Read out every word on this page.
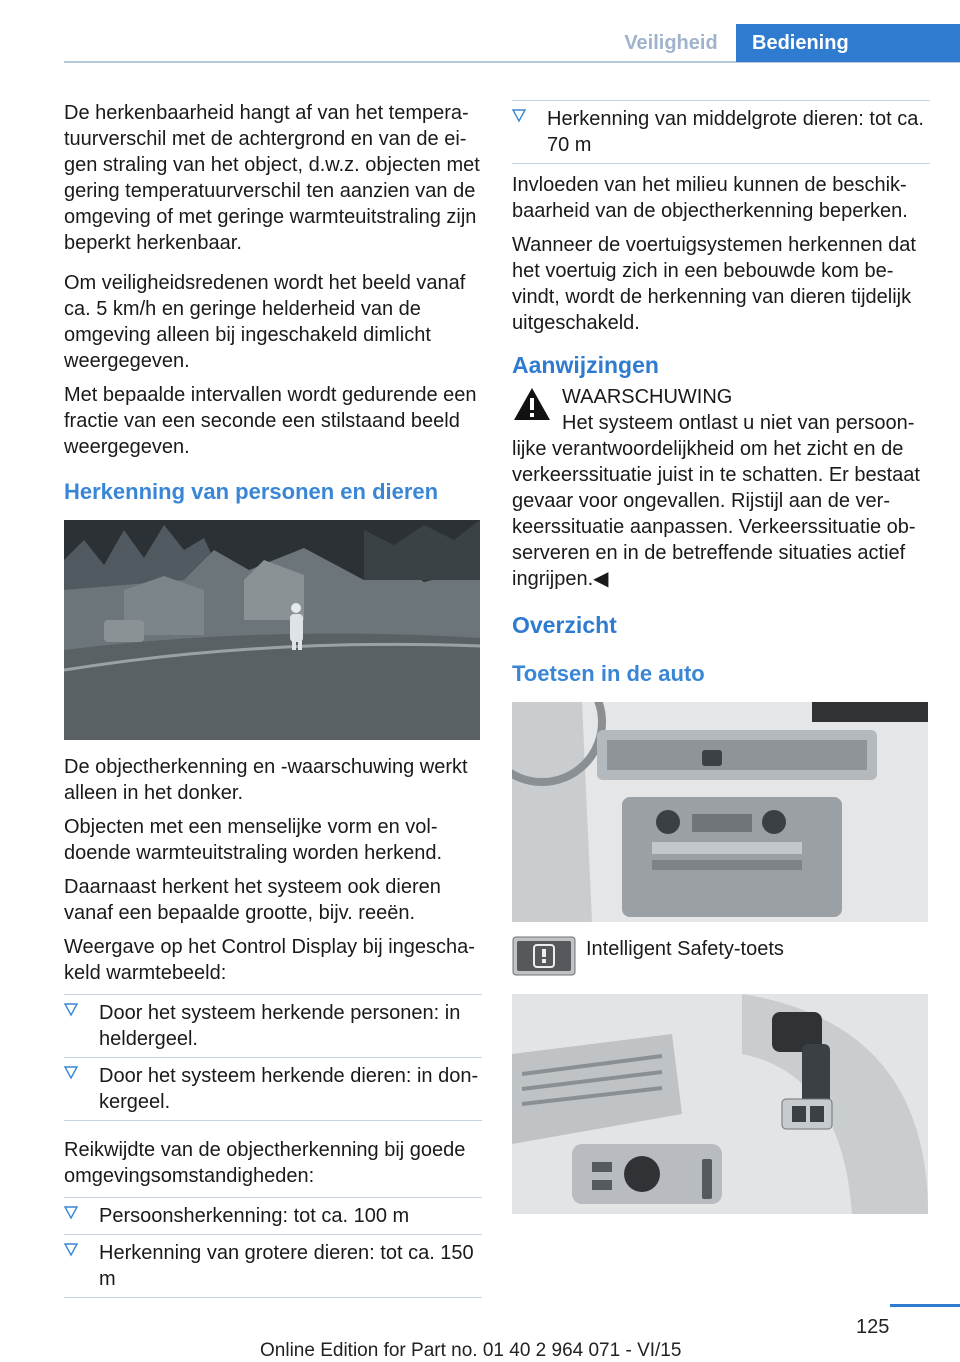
Veiligheid	Bediening

De herkenbaarheid hangt af van het temperatuurverschil met de achtergrond en van de eigen straling van het object, d.w.z. objecten met gering temperatuurverschil ten aanzien van de omgeving of met geringe warmteuitstraling zijn beperkt herkenbaar.

Om veiligheidsredenen wordt het beeld vanaf ca. 5 km/h en geringe helderheid van de omgeving alleen bij ingeschakeld dimlicht weergegeven.

Met bepaalde intervallen wordt gedurende een fractie van een seconde een stilstaand beeld weergegeven.

Herkenning van personen en dieren

De objectherkenning en -waarschuwing werkt alleen in het donker.

Objecten met een menselijke vorm en voldoende warmteuitstraling worden herkend.

Daarnaast herkent het systeem ook dieren vanaf een bepaalde grootte, bijv. reeën.

Weergave op het Control Display bij ingeschakeld warmtebeeld:

Door het systeem herkende personen: in heldergeel.
Door het systeem herkende dieren: in donkergeel.

Reikwijdte van de objectherkenning bij goede omgevingsomstandigheden:

Persoonsherkenning: tot ca. 100 m
Herkenning van grotere dieren: tot ca. 150 m
Herkenning van middelgrote dieren: tot ca. 70 m

Invloeden van het milieu kunnen de beschikbaarheid van de objectherkenning beperken.

Wanneer de voertuigsystemen herkennen dat het voertuig zich in een bebouwde kom bevindt, wordt de herkenning van dieren tijdelijk uitgeschakeld.

Aanwijzingen
WAARSCHUWING
Het systeem ontlast u niet van persoonlijke verantwoordelijkheid om het zicht en de verkeerssituatie juist in te schatten. Er bestaat gevaar voor ongevallen. Rijstijl aan de verkeerssituatie aanpassen. Verkeerssituatie observeren en in de betreffende situaties actief ingrijpen.◀
Overzicht
Toetsen in de auto
Intelligent Safety-toets
125
Online Edition for Part no. 01 40 2 964 071 - VI/15
